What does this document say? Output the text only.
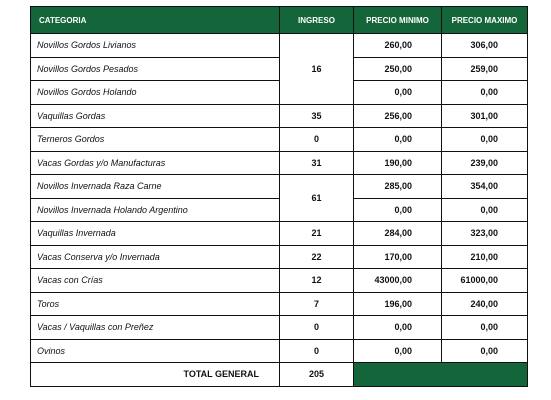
CATEGORIA	INGRESO	PRECIO MINIMO	PRECIO MAXIMO
Novillos Gordos Livianos	16	260,00	306,00
Novillos Gordos Pesados		250,00	259,00
Novillos Gordos Holando		0,00	0,00
Vaquillas Gordas	35	256,00	301,00
Terneros Gordos	0	0,00	0,00
Vacas Gordas y/o Manufacturas	31	190,00	239,00
Novillos Invernada Raza Carne	61	285,00	354,00
Novillos Invernada Holando Argentino		0,00	0,00
Vaquillas Invernada	21	284,00	323,00
Vacas Conserva y/o Invernada	22	170,00	210,00
Vacas con Crías	12	43000,00	61000,00
Toros	7	196,00	240,00
Vacas / Vaquillas con Preñez	0	0,00	0,00
Ovinos	0	0,00	0,00
TOTAL GENERAL	205		
